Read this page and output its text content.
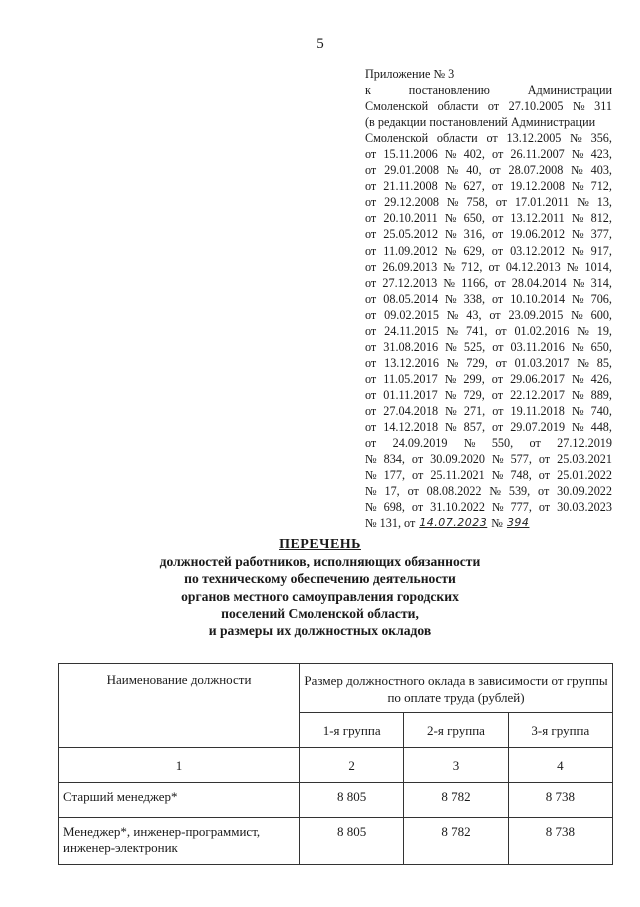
5
Приложение № 3
к	постановлению	Администрации
Смоленской области от 27.10.2005 № 311
(в редакции постановлений Администрации
Смоленской области от 13.12.2005 № 356,
от 15.11.2006 № 402, от 26.11.2007 № 423,
от 29.01.2008 № 40, от 28.07.2008 № 403,
от 21.11.2008 № 627, от 19.12.2008 № 712,
от 29.12.2008 № 758, от 17.01.2011 № 13,
от 20.10.2011 № 650, от 13.12.2011 № 812,
от 25.05.2012 № 316, от 19.06.2012 № 377,
от 11.09.2012 № 629, от 03.12.2012 № 917,
от 26.09.2013 № 712, от 04.12.2013 № 1014,
от 27.12.2013 № 1166, от 28.04.2014 № 314,
от 08.05.2014 № 338, от 10.10.2014 № 706,
от 09.02.2015 № 43, от 23.09.2015 № 600,
от 24.11.2015 № 741, от 01.02.2016 № 19,
от 31.08.2016 № 525, от 03.11.2016 № 650,
от 13.12.2016 № 729, от 01.03.2017 № 85,
от 11.05.2017 № 299, от 29.06.2017 № 426,
от 01.11.2017 № 729, от 22.12.2017 № 889,
от 27.04.2018 № 271, от 19.11.2018 № 740,
от 14.12.2018 № 857, от 29.07.2019 № 448,
от 24.09.2019 № 550, от 27.12.2019
№ 834, от 30.09.2020 № 577, от 25.03.2021
№ 177, от 25.11.2021 № 748, от 25.01.2022
№ 17, от 08.08.2022 № 539, от 30.09.2022
№ 698, от 31.10.2022 № 777, от 30.03.2023
№ 131, от 14.07.2023 № 394
ПЕРЕЧЕНЬ
должностей работников, исполняющих обязанности
по техническому обеспечению деятельности
органов местного самоуправления городских
поселений Смоленской области,
и размеры их должностных окладов
Наименование должности	Размер должностного оклада в зависимости от группы по оплате труда (рублей)		
	1-я группа	2-я группа	3-я группа
1	2	3	4
Старший менеджер*	8 805	8 782	8 738
Менеджер*, инженер-программист, инженер-электроник	8 805	8 782	8 738
